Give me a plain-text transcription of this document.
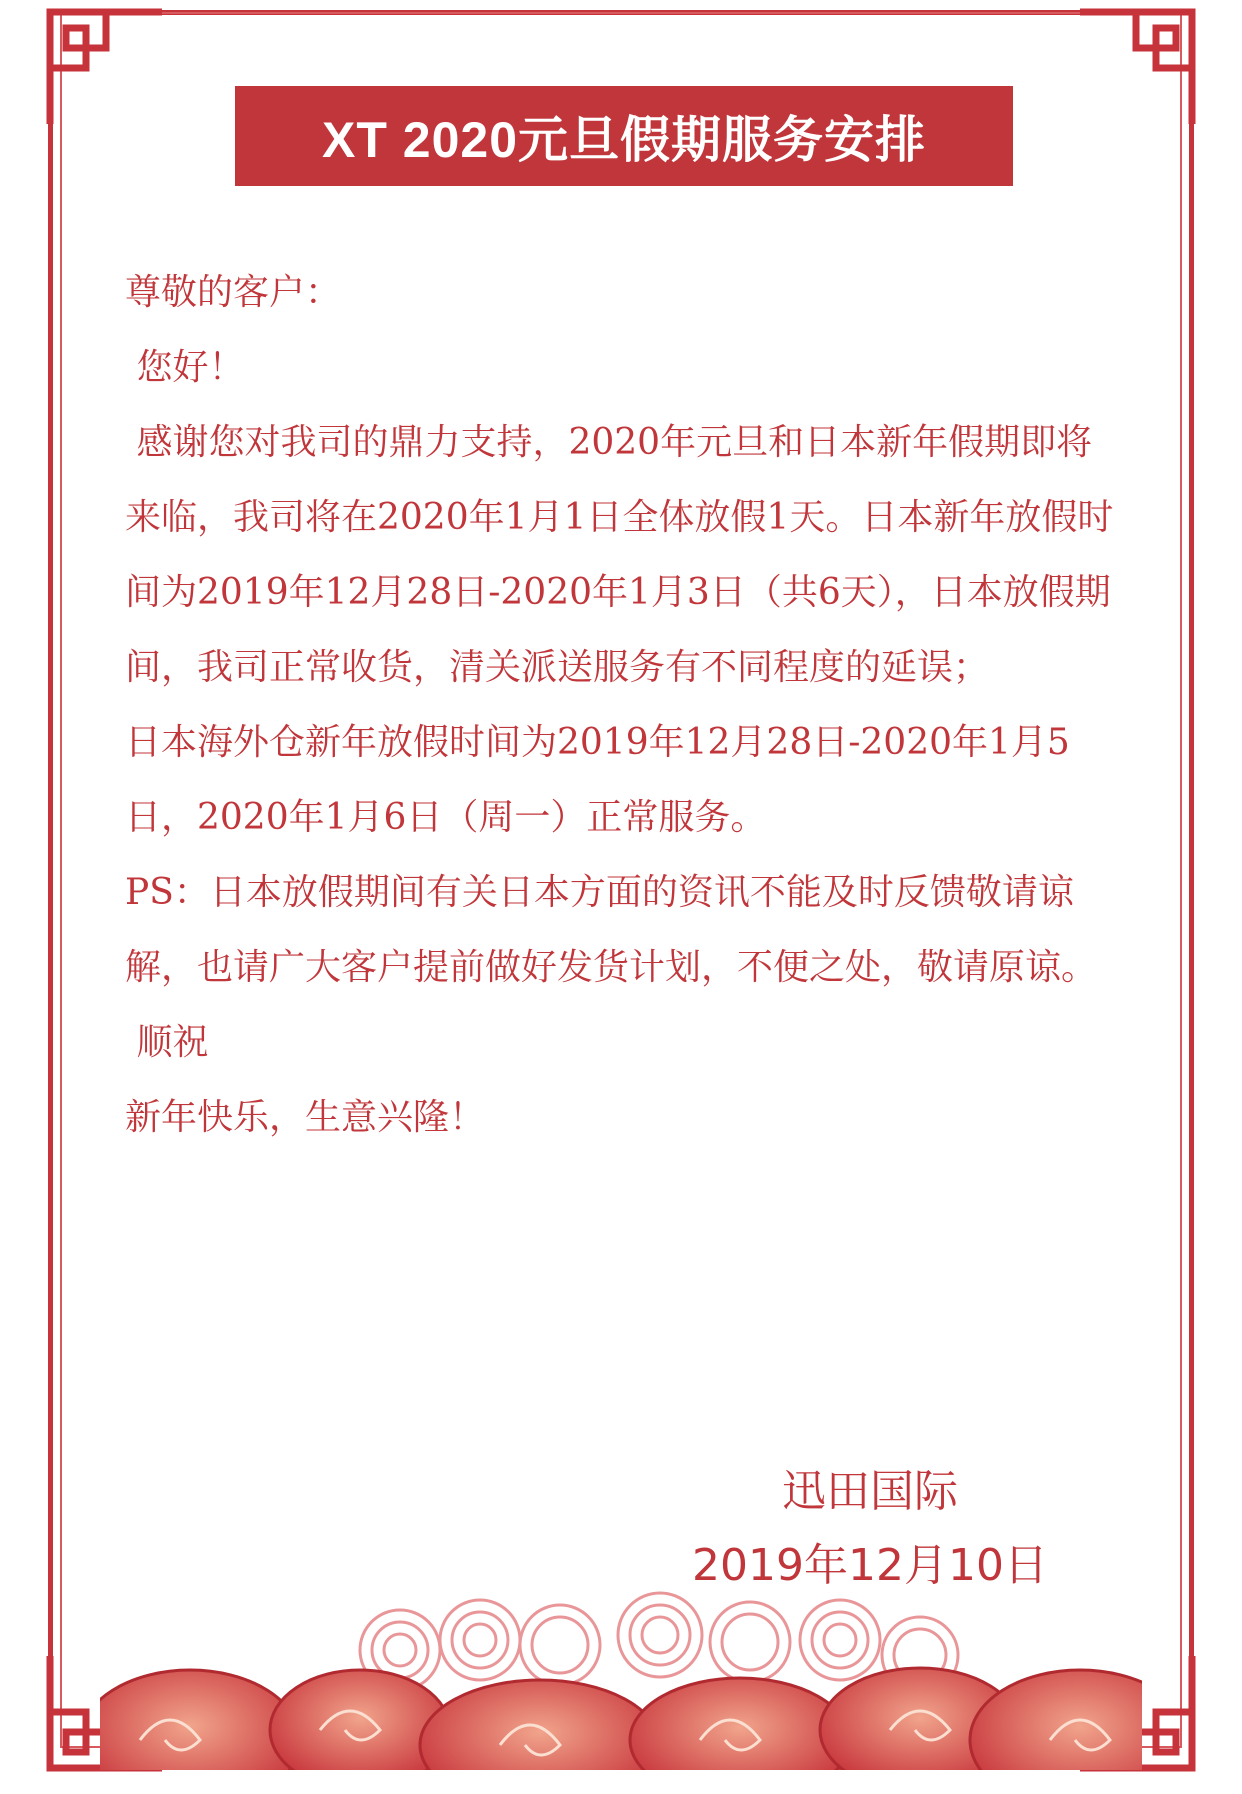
XT 2020元旦假期服务安排

尊敬的客户：

您好！

感谢您对我司的鼎力支持，2020年元旦和日本新年假期即将来临，我司将在2020年1月1日全体放假1天。日本新年放假时间为2019年12月28日-2020年1月3日（共6天），日本放假期间，我司正常收货，清关派送服务有不同程度的延误；

日本海外仓新年放假时间为2019年12月28日-2020年1月5日，2020年1月6日（周一）正常服务。

PS：日本放假期间有关日本方面的资讯不能及时反馈敬请谅解，也请广大客户提前做好发货计划，不便之处，敬请原谅。

顺祝

新年快乐，生意兴隆！

迅田国际
2019年12月10日
